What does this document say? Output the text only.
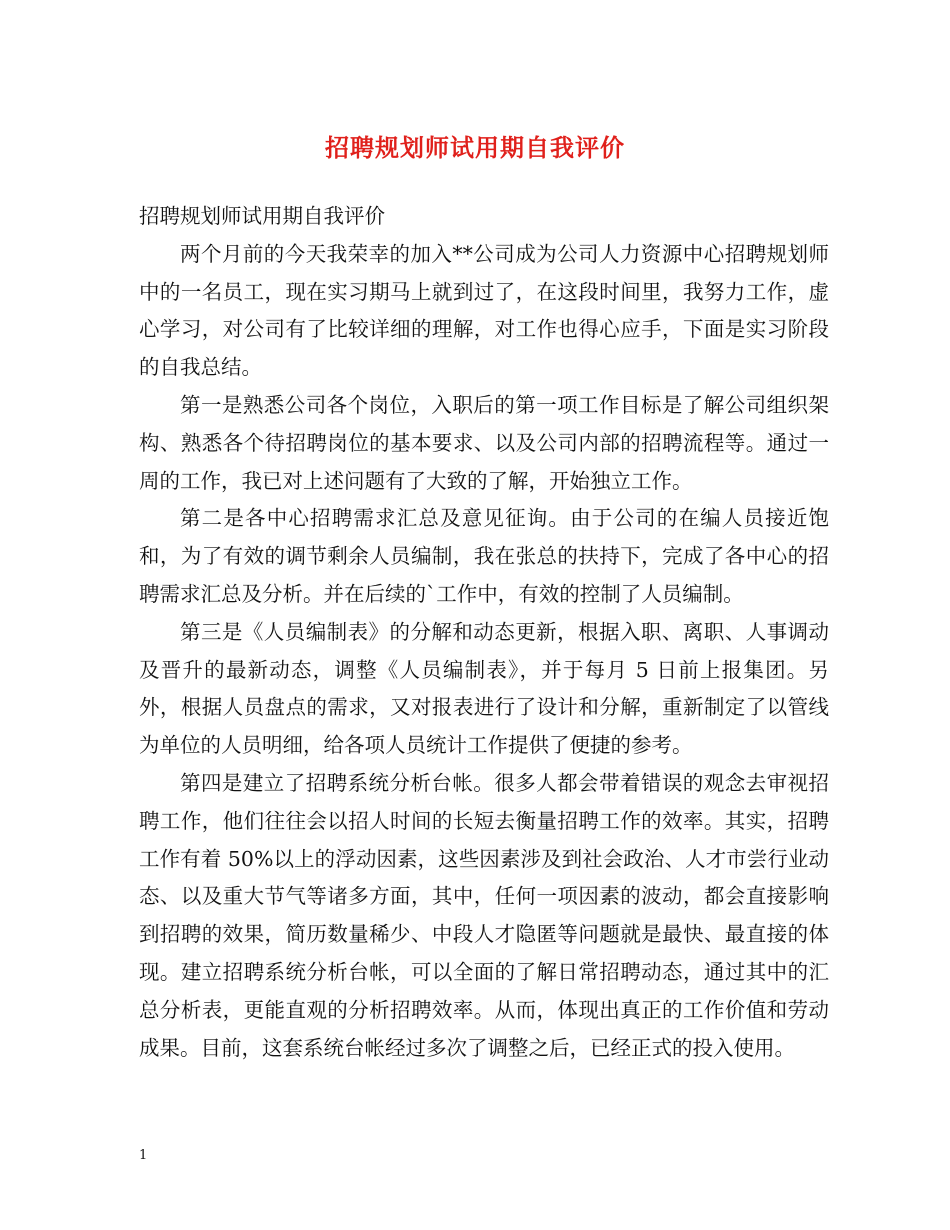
招聘规划师试用期自我评价

招聘规划师试用期自我评价

两个月前的今天我荣幸的加入**公司成为公司人力资源中心招聘规划师中的一名员工，现在实习期马上就到过了，在这段时间里，我努力工作，虚心学习，对公司有了比较详细的理解，对工作也得心应手，下面是实习阶段的自我总结。

第一是熟悉公司各个岗位，入职后的第一项工作目标是了解公司组织架构、熟悉各个待招聘岗位的基本要求、以及公司内部的招聘流程等。通过一周的工作，我已对上述问题有了大致的了解，开始独立工作。

第二是各中心招聘需求汇总及意见征询。由于公司的在编人员接近饱和，为了有效的调节剩余人员编制，我在张总的扶持下，完成了各中心的招聘需求汇总及分析。并在后续的`工作中，有效的控制了人员编制。

第三是《人员编制表》的分解和动态更新，根据入职、离职、人事调动及晋升的最新动态，调整《人员编制表》，并于每月 5 日前上报集团。另外，根据人员盘点的需求，又对报表进行了设计和分解，重新制定了以管线为单位的人员明细，给各项人员统计工作提供了便捷的参考。

第四是建立了招聘系统分析台帐。很多人都会带着错误的观念去审视招聘工作，他们往往会以招人时间的长短去衡量招聘工作的效率。其实，招聘工作有着 50%以上的浮动因素，这些因素涉及到社会政治、人才市尝行业动态、以及重大节气等诸多方面，其中，任何一项因素的波动，都会直接影响到招聘的效果，简历数量稀少、中段人才隐匿等问题就是最快、最直接的体现。建立招聘系统分析台帐，可以全面的了解日常招聘动态，通过其中的汇总分析表，更能直观的分析招聘效率。从而，体现出真正的工作价值和劳动成果。目前，这套系统台帐经过多次了调整之后，已经正式的投入使用。

1
